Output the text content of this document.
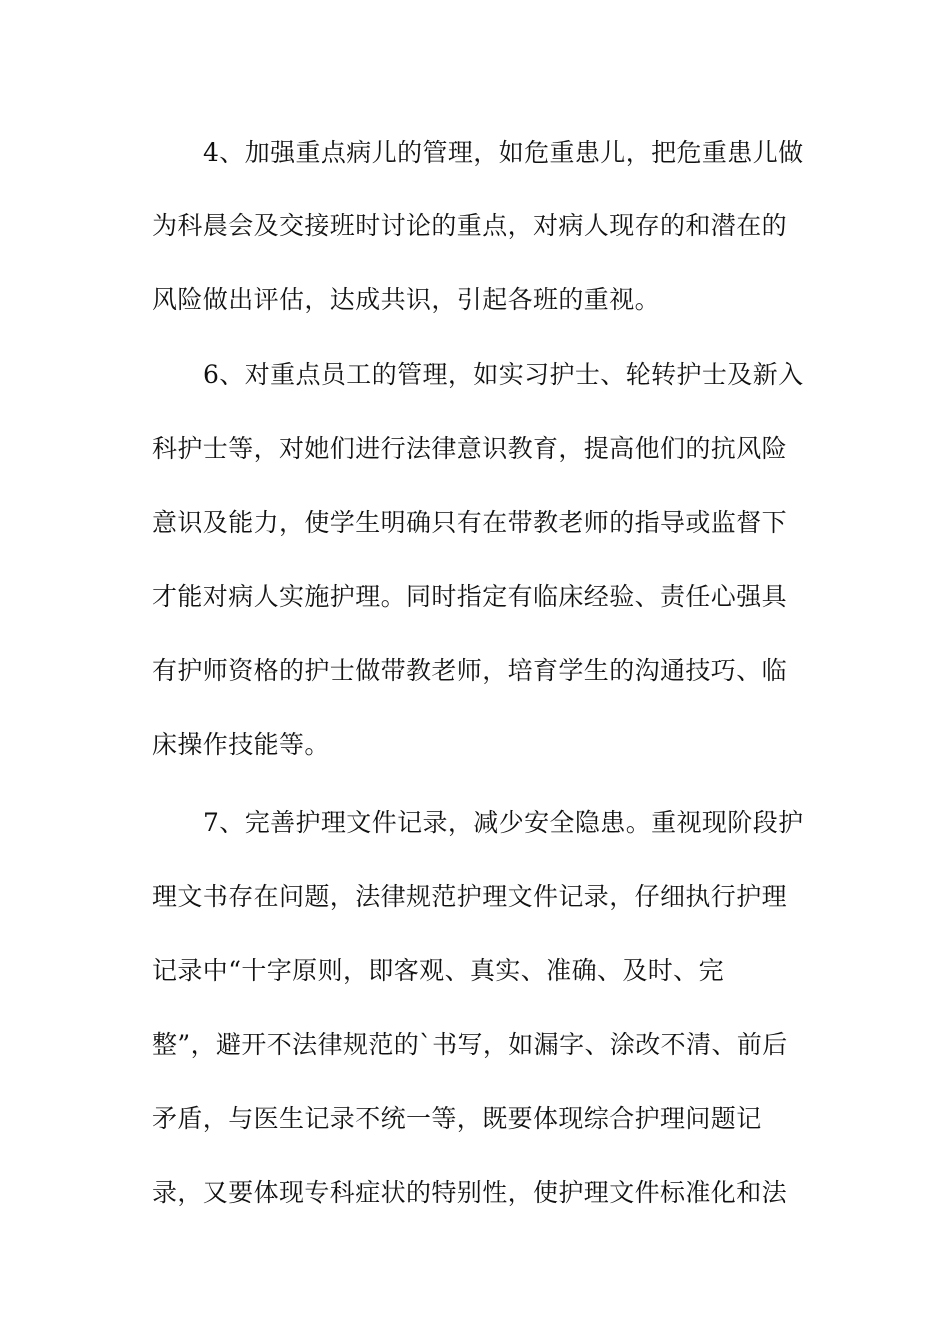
4、加强重点病儿的管理，如危重患儿，把危重患儿做
为科晨会及交接班时讨论的重点，对病人现存的和潜在的
风险做出评估，达成共识，引起各班的重视。
6、对重点员工的管理，如实习护士、轮转护士及新入
科护士等，对她们进行法律意识教育，提高他们的抗风险
意识及能力，使学生明确只有在带教老师的指导或监督下
才能对病人实施护理。同时指定有临床经验、责任心强具
有护师资格的护士做带教老师，培育学生的沟通技巧、临
床操作技能等。
7、完善护理文件记录，减少安全隐患。重视现阶段护
理文书存在问题，法律规范护理文件记录，仔细执行护理
记录中“十字原则，即客观、真实、准确、及时、完
整”，避开不法律规范的`书写，如漏字、涂改不清、前后
矛盾，与医生记录不统一等，既要体现综合护理问题记
录，又要体现专科症状的特别性，使护理文件标准化和法
